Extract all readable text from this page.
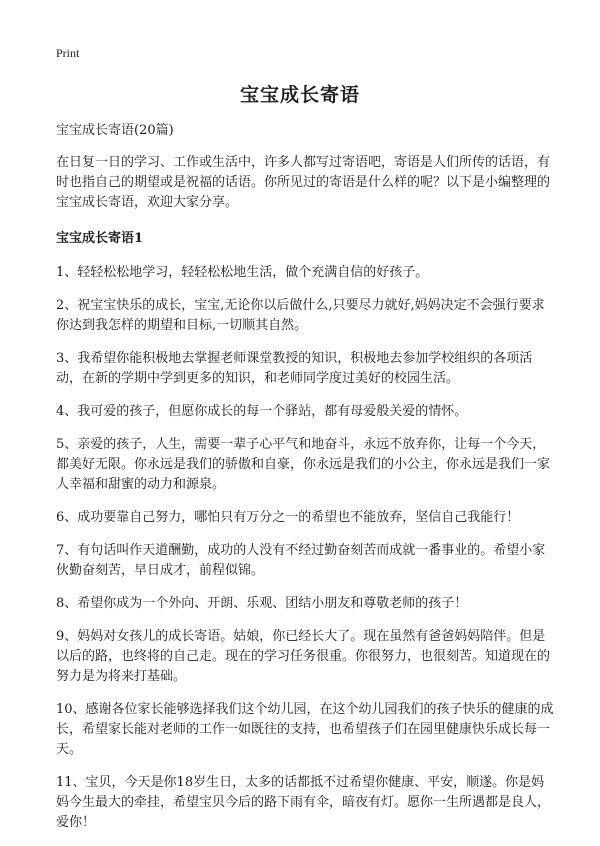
Print
宝宝成长寄语

宝宝成长寄语(20篇)

在日复一日的学习、工作或生活中，许多人都写过寄语吧，寄语是人们所传的话语，有时也指自己的期望或是祝福的话语。你所见过的寄语是什么样的呢？以下是小编整理的宝宝成长寄语，欢迎大家分享。

宝宝成长寄语1

1、轻轻松松地学习，轻轻松松地生活，做个充满自信的好孩子。

2、祝宝宝快乐的成长，宝宝,无论你以后做什么,只要尽力就好,妈妈决定不会强行要求你达到我怎样的期望和目标,一切顺其自然。

3、我希望你能积极地去掌握老师课堂教授的知识，积极地去参加学校组织的各项活动，在新的学期中学到更多的知识，和老师同学度过美好的校园生活。

4、我可爱的孩子，但愿你成长的每一个驿站，都有母爱般关爱的情怀。

5、亲爱的孩子，人生，需要一辈子心平气和地奋斗，永远不放弃你，让每一个今天，都美好无限。你永远是我们的骄傲和自豪，你永远是我们的小公主，你永远是我们一家人幸福和甜蜜的动力和源泉。

6、成功要靠自己努力，哪怕只有万分之一的希望也不能放弃，坚信自己我能行！

7、有句话叫作天道酬勤，成功的人没有不经过勤奋刻苦而成就一番事业的。希望小家伙勤奋刻苦，早日成才，前程似锦。

8、希望你成为一个外向、开朗、乐观、团结小朋友和尊敬老师的孩子！

9、妈妈对女孩儿的成长寄语。姑娘，你已经长大了。现在虽然有爸爸妈妈陪伴。但是以后的路，也终将的自己走。现在的学习任务很重。你很努力，也很刻苦。知道现在的努力是为将来打基础。

10、感谢各位家长能够选择我们这个幼儿园，在这个幼儿园我们的孩子快乐的健康的成长，希望家长能对老师的工作一如既往的支持，也希望孩子们在园里健康快乐成长每一天。

11、宝贝，今天是你18岁生日，太多的话都抵不过希望你健康、平安，顺遂。你是妈妈今生最大的牵挂，希望宝贝今后的路下雨有伞，暗夜有灯。愿你一生所遇都是良人，爱你！
